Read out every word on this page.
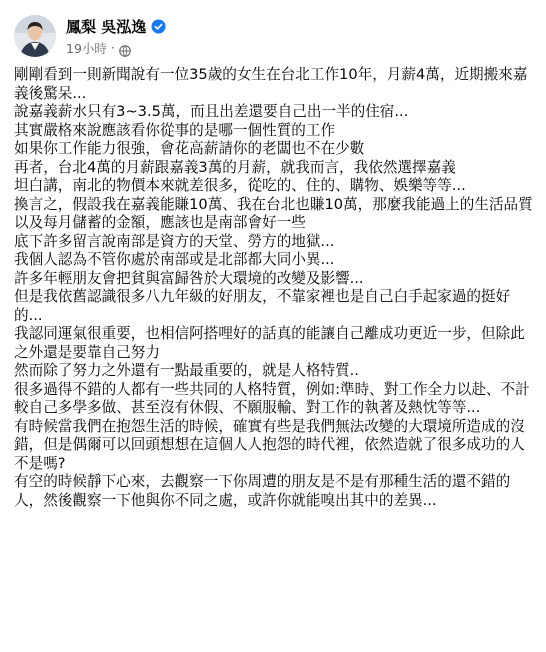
鳳梨 吳泓逸
19小時 ·

剛剛看到一則新聞說有一位35歲的女生在台北工作10年，月薪4萬，近期搬來嘉義後驚呆...

說嘉義薪水只有3~3.5萬，而且出差還要自己出一半的住宿...

其實嚴格來說應該看你從事的是哪一個性質的工作

如果你工作能力很強，會花高薪請你的老闆也不在少數

再者，台北4萬的月薪跟嘉義3萬的月薪，就我而言，我依然選擇嘉義

坦白講，南北的物價本來就差很多，從吃的、住的、購物、娛樂等等...

換言之，假設我在嘉義能賺10萬、我在台北也賺10萬，那麼我能過上的生活品質以及每月儲蓄的金額，應該也是南部會好一些

底下許多留言說南部是資方的天堂、勞方的地獄...

我個人認為不管你處於南部或是北部都大同小異...

許多年輕朋友會把貧與富歸咎於大環境的改變及影響...

但是我依舊認識很多八九年級的好朋友，不靠家裡也是自己白手起家過的挺好的...

我認同運氣很重要，也相信阿搭哩好的話真的能讓自己離成功更近一步，但除此之外還是要靠自己努力

然而除了努力之外還有一點最重要的，就是人格特質..

很多過得不錯的人都有一些共同的人格特質，例如:準時、對工作全力以赴、不計較自己多學多做、甚至沒有休假、不願服輸、對工作的執著及熱忱等等...

有時候當我們在抱怨生活的時候，確實有些是我們無法改變的大環境所造成的沒錯，但是偶爾可以回頭想想在這個人人抱怨的時代裡，依然造就了很多成功的人不是嗎?

有空的時候靜下心來，去觀察一下你周遭的朋友是不是有那種生活的還不錯的人，然後觀察一下他與你不同之處，或許你就能嗅出其中的差異...
